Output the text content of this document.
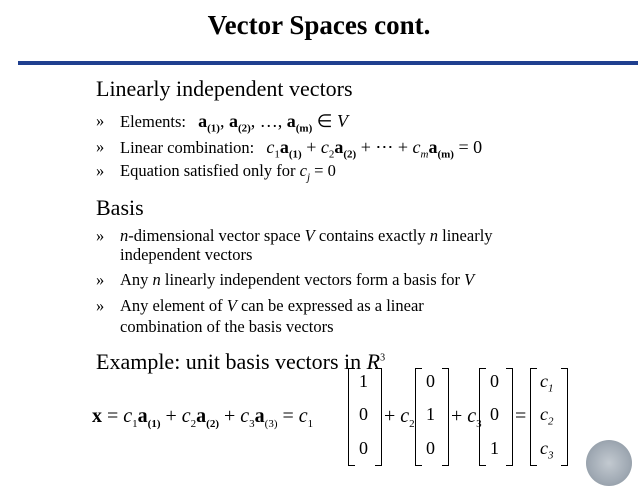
Vector Spaces cont.
Linearly independent vectors
» Elements: $a_{(1)}$, $a_{(2)}$, …, $a_{(m)}$ ∈ V
» Linear combination: $c_1a_{(1)} + c_2a_{(2)}$ + ⋯ + $c_ma_{(m)} = 0$
» Equation satisfied only for $c_j = 0$
Basis
» n-dimensional vector space V contains exactly n linearly
independent vectors
» Any n linearly independent vectors form a basis for V
» Any element of V can be expressed as a linear
combination of the basis vectors
Example: unit basis vectors in $R^3$
$x = c_1a_{(1)} + c_2a_{(2)} + c_3a_{(3)} = c_1$
1
0
0
+ $c_2$
0
1
0
+ $c_3$
0
0
1
=
$c_1$
$c_2$
$c_3$
